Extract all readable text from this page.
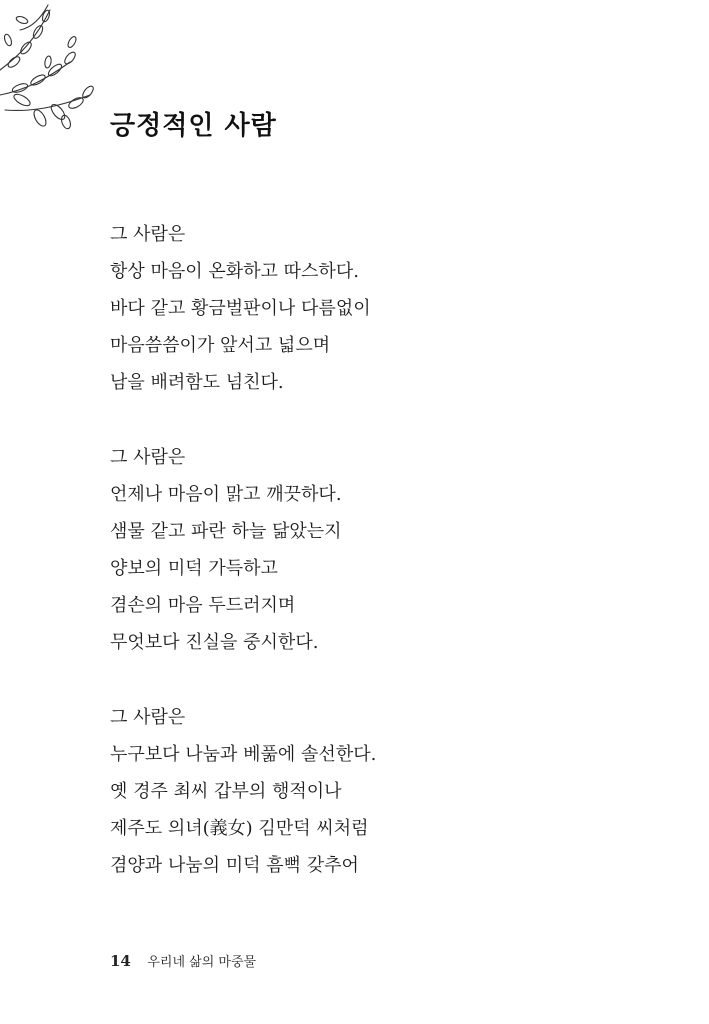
긍정적인 사람
그 사람은
항상 마음이 온화하고 따스하다.
바다 같고 황금벌판이나 다름없이
마음씀씀이가 앞서고 넓으며
남을 배려함도 넘친다.
그 사람은
언제나 마음이 맑고 깨끗하다.
샘물 같고 파란 하늘 닮았는지
양보의 미덕 가득하고
겸손의 마음 두드러지며
무엇보다 진실을 중시한다.
그 사람은
누구보다 나눔과 베풂에 솔선한다.
옛 경주 최씨 갑부의 행적이나
제주도 의녀(義女) 김만덕 씨처럼
겸양과 나눔의 미덕 흠뻑 갖추어
14 우리네 삶의 마중물
